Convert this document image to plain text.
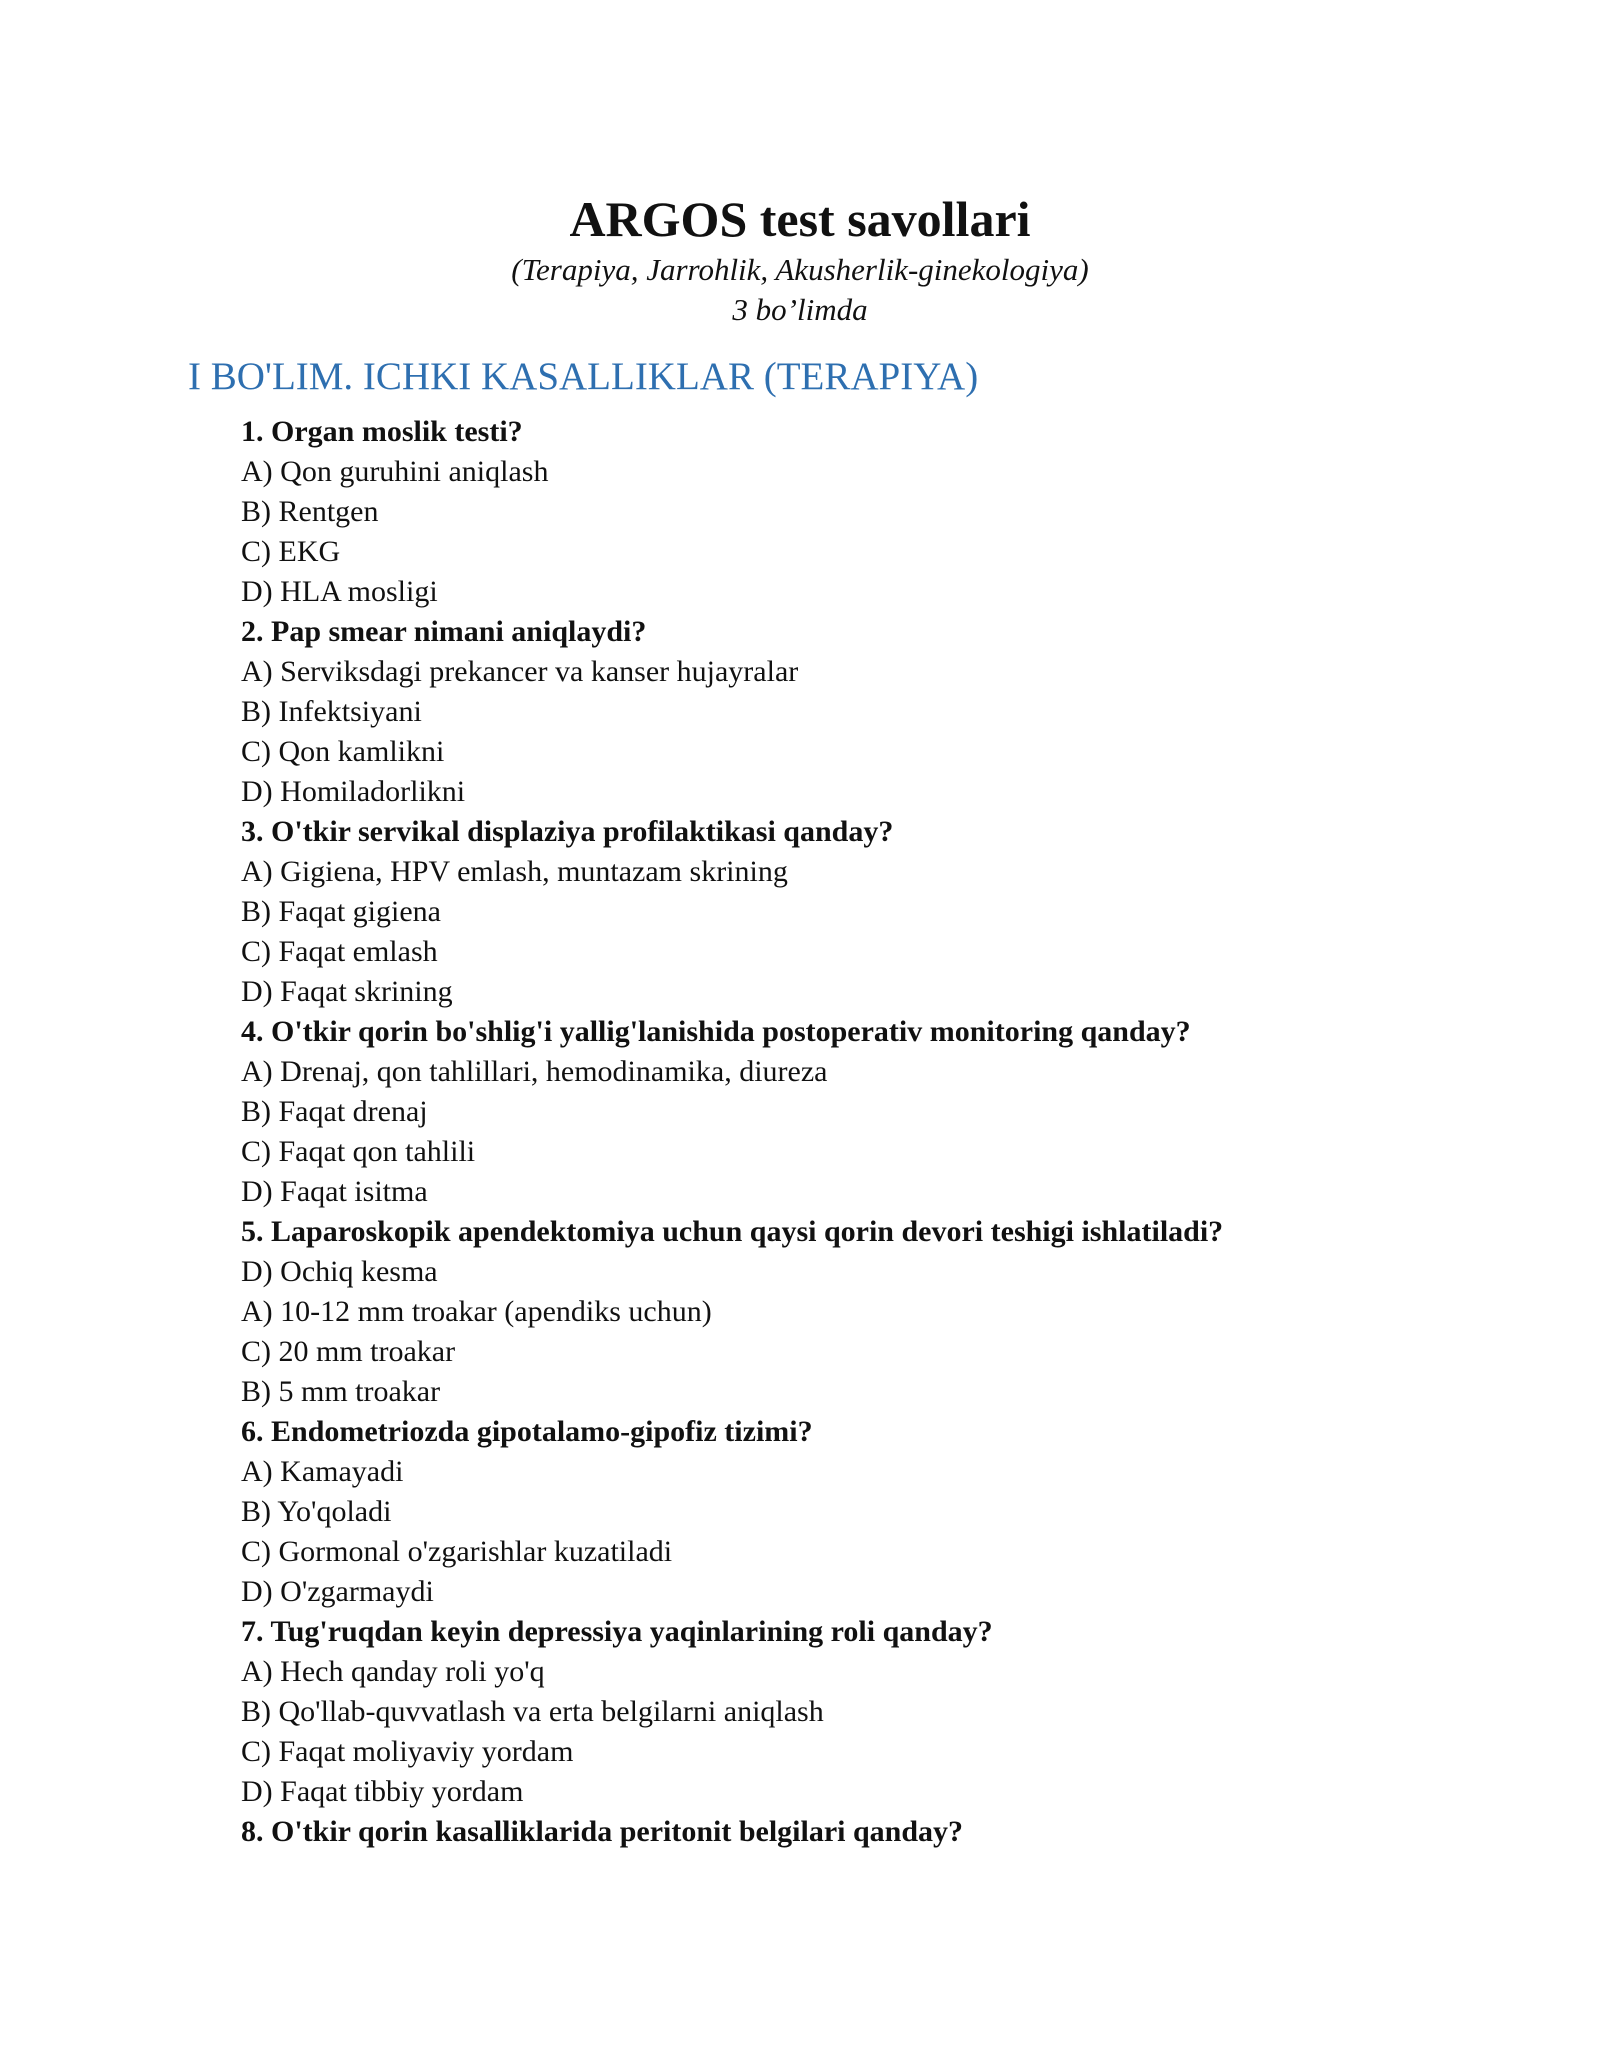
ARGOS test savollari

(Terapiya, Jarrohlik, Akusherlik-ginekologiya)

3 bo’limda

I BO'LIM. ICHKI KASALLIKLAR (TERAPIYA)
1. Organ moslik testi?
A) Qon guruhini aniqlash
B) Rentgen
C) EKG
D) HLA mosligi
2. Pap smear nimani aniqlaydi?
A) Serviksdagi prekancer va kanser hujayralar
B) Infektsiyani
C) Qon kamlikni
D) Homiladorlikni
3. O'tkir servikal displaziya profilaktikasi qanday?
A) Gigiena, HPV emlash, muntazam skrining
B) Faqat gigiena
C) Faqat emlash
D) Faqat skrining
4. O'tkir qorin bo'shlig'i yallig'lanishida postoperativ monitoring qanday?
A) Drenaj, qon tahlillari, hemodinamika, diureza
B) Faqat drenaj
C) Faqat qon tahlili
D) Faqat isitma
5. Laparoskopik apendektomiya uchun qaysi qorin devori teshigi ishlatiladi?
D) Ochiq kesma
A) 10-12 mm troakar (apendiks uchun)
C) 20 mm troakar
B) 5 mm troakar
6. Endometriozda gipotalamo-gipofiz tizimi?
A) Kamayadi
B) Yo'qoladi
C) Gormonal o'zgarishlar kuzatiladi
D) O'zgarmaydi
7. Tug'ruqdan keyin depressiya yaqinlarining roli qanday?
A) Hech qanday roli yo'q
B) Qo'llab-quvvatlash va erta belgilarni aniqlash
C) Faqat moliyaviy yordam
D) Faqat tibbiy yordam
8. O'tkir qorin kasalliklarida peritonit belgilari qanday?
